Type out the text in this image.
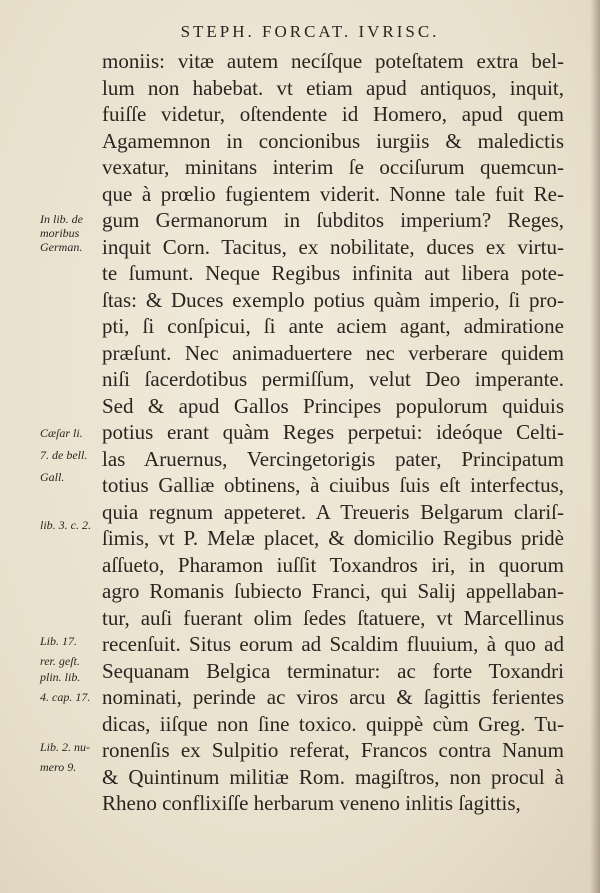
STEPH. FORCAT. IVRISC.
moniis: vitæ autem necíſque poteſtatem extra bel-
lum non habebat. vt etiam apud antiquos, inquit,
fuiſſe videtur, oſtendente id Homero, apud quem
Agamemnon in concionibus iurgiis & maledictis
vexatur, minitans interim ſe occiſurum quemcun-
que à prœlio fugientem viderit. Nonne tale fuit Re-
gum Germanorum in ſubditos imperium? Reges,
inquit Corn. Tacitus, ex nobilitate, duces ex virtu-
te ſumunt. Neque Regibus infinita aut libera pote-
ſtas: & Duces exemplo potius quàm imperio, ſi pro-
pti, ſi conſpicui, ſi ante aciem agant, admiratione
præſunt. Nec animaduertere nec verberare quidem
niſi ſacerdotibus permiſſum, velut Deo imperante.
Sed & apud Gallos Principes populorum quiduis
potius erant quàm Reges perpetui: ideóque Celti-
las Aruernus, Vercingetorigis pater, Principatum
totius Galliæ obtinens, à ciuibus ſuis eſt interfectus,
quia regnum appeteret. A Treueris Belgarum clariſ-
ſimis, vt P. Melæ placet, & domicilio Regibus pridè
aſſueto, Pharamon iuſſit Toxandros iri, in quorum
agro Romanis ſubiecto Franci, qui Salij appellaban-
tur, auſi fuerant olim ſedes ſtatuere, vt Marcellinus
recenſuit. Situs eorum ad Scaldim fluuium, à quo ad
Sequanam Belgica terminatur: ac forte Toxandri
nominati, perinde ac viros arcu & ſagittis ferientes
dicas, iiſque non ſine toxico. quippè cùm Greg. Tu-
ronenſis ex Sulpitio referat, Francos contra Nanum
& Quintinum militiæ Rom. magiſtros, non procul à
Rheno conflixiſſe herbarum veneno inlitis ſagittis,
In lib. de
moribus
German.
Cæſar li.
7. de bell.
Gall.
lib. 3. c. 2.
Lib. 17.
rer. geſt.
plin. lib.
4. cap. 17.
Lib. 2. nu-
mero 9.
